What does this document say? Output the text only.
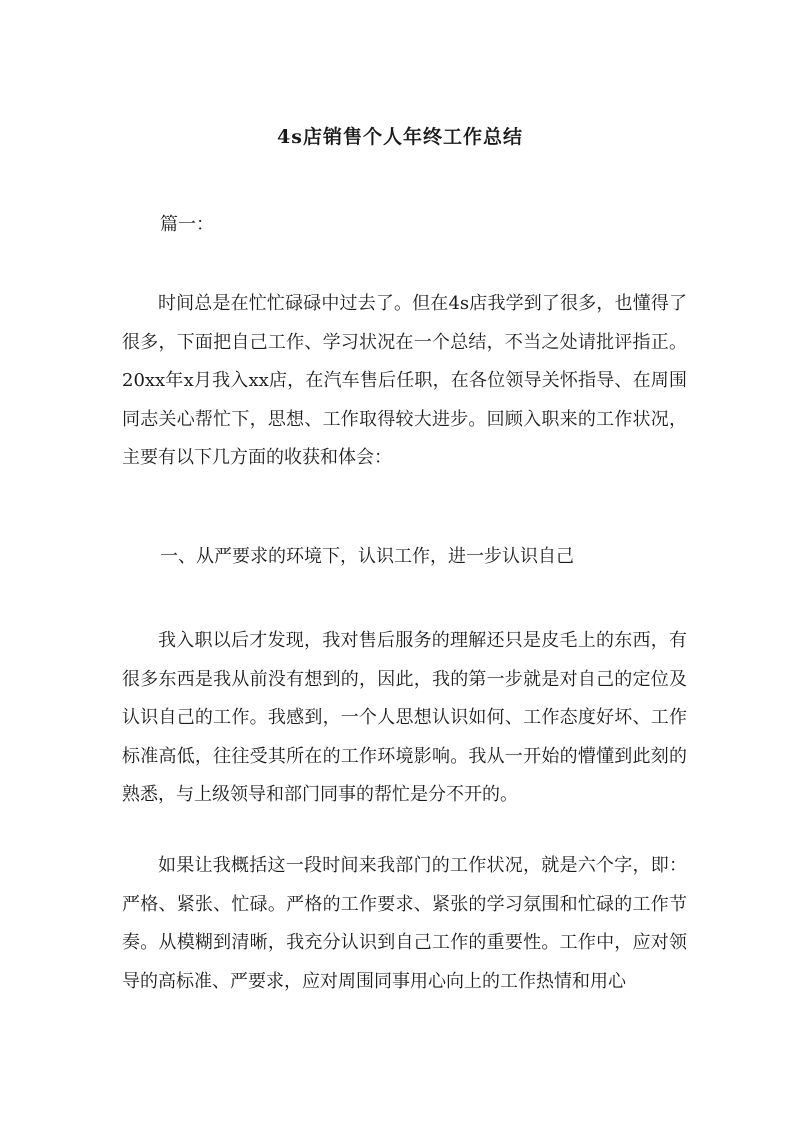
4s店销售个人年终工作总结
篇一：

时间总是在忙忙碌碌中过去了。但在4s店我学到了很多，也懂得了很多，下面把自己工作、学习状况在一个总结，不当之处请批评指正。20xx年x月我入xx店，在汽车售后任职，在各位领导关怀指导、在周围同志关心帮忙下，思想、工作取得较大进步。回顾入职来的工作状况，主要有以下几方面的收获和体会：

一、从严要求的环境下，认识工作，进一步认识自己

我入职以后才发现，我对售后服务的理解还只是皮毛上的东西，有很多东西是我从前没有想到的，因此，我的第一步就是对自己的定位及认识自己的工作。我感到，一个人思想认识如何、工作态度好坏、工作标准高低，往往受其所在的工作环境影响。我从一开始的懵懂到此刻的熟悉，与上级领导和部门同事的帮忙是分不开的。

如果让我概括这一段时间来我部门的工作状况，就是六个字，即：严格、紧张、忙碌。严格的工作要求、紧张的学习氛围和忙碌的工作节奏。从模糊到清晰，我充分认识到自己工作的重要性。工作中，应对领导的高标准、严要求，应对周围同事用心向上的工作热情和用心
